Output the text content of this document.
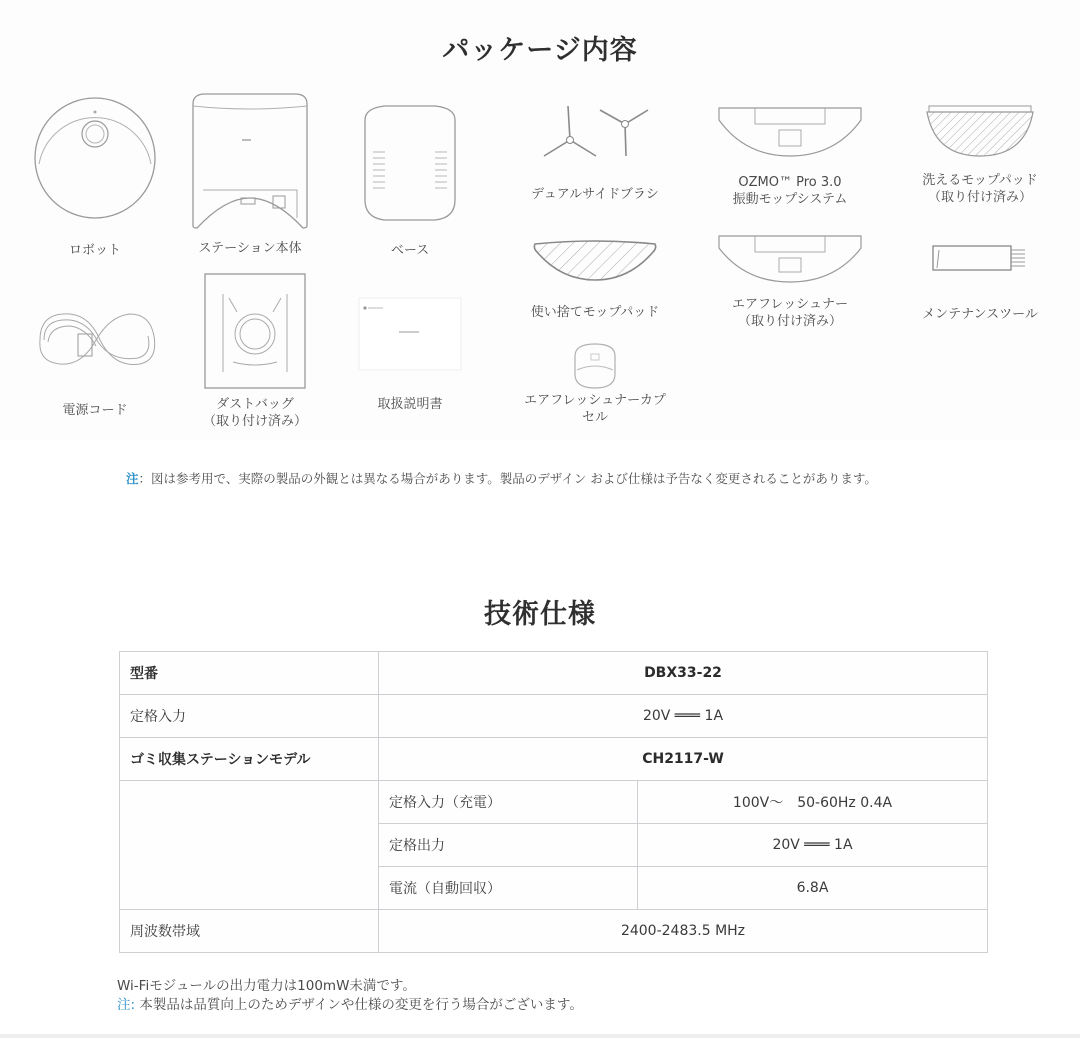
パッケージ内容
ロボット	ステーション本体	ベース
デュアルサイドブラシ
OZMO™ Pro 3.0
振動モップシステム
洗えるモップパッド
（取り付け済み）
使い捨てモップパッド
エアフレッシュナー
（取り付け済み）	メンテナンスツール
電源コード	ダストバッグ
（取り付け済み）
取扱説明書	エアフレッシュナーカプ
セル
注：図は参考用で、実際の製品の外観とは異なる場合があります。製品のデザイン および仕様は予告なく変更されることがあります。
技術仕様
型番	DBX33-22	
定格入力	20V ═══ 1A	
ゴミ収集ステーションモデル	CH2117-W	
	定格入力（充電）	100V～　50-60Hz 0.4A
	定格出力	20V ═══ 1A
	電流（自動回収）	6.8A
周波数帯域	2400-2483.5 MHz	
Wi-Fiモジュールの出力電力は100mW未満です。
注: 本製品は品質向上のためデザインや仕様の変更を行う場合がございます。
